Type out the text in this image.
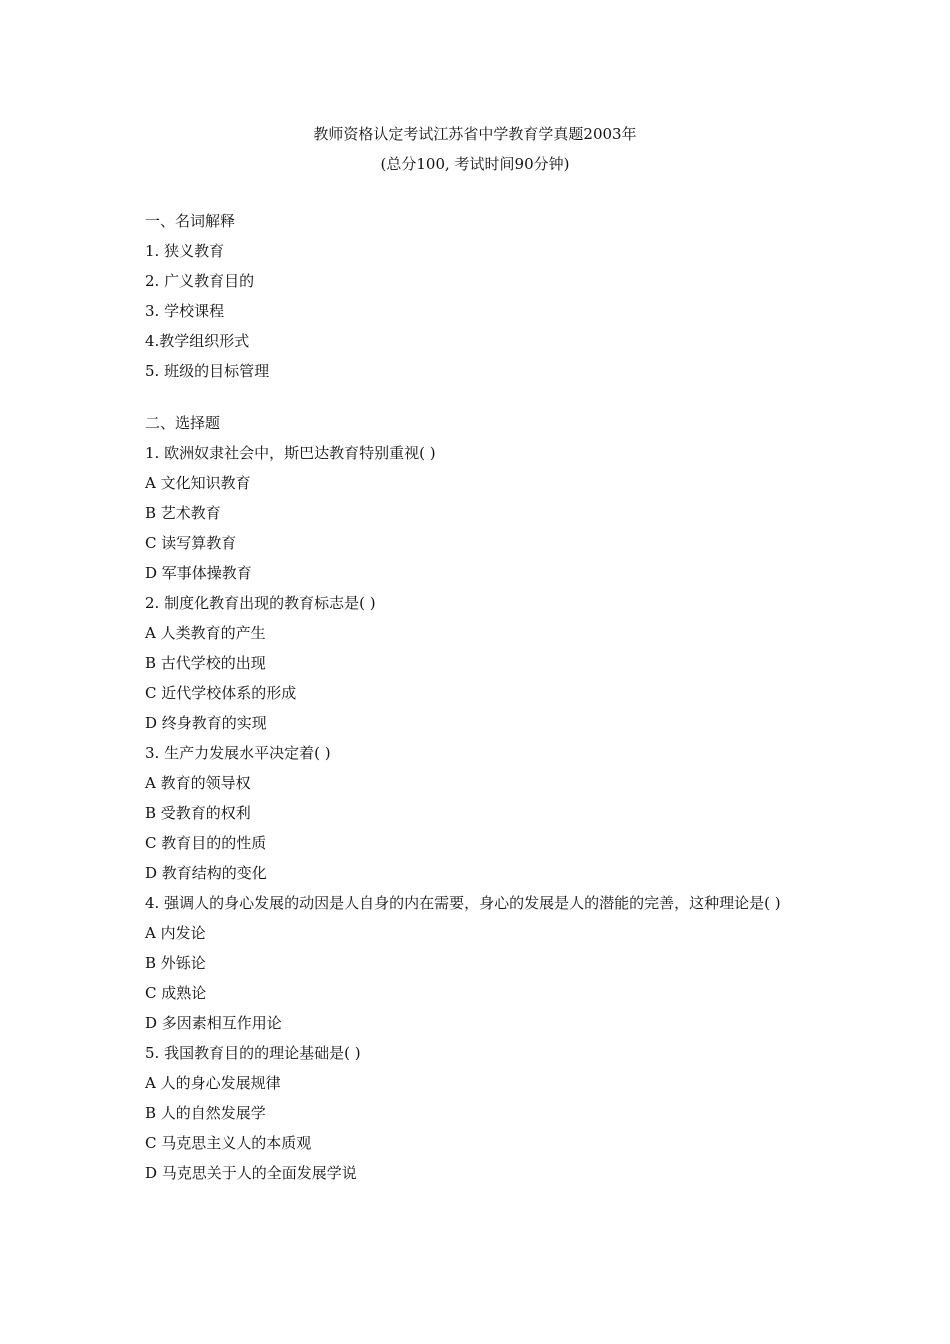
教师资格认定考试江苏省中学教育学真题2003年
(总分100, 考试时间90分钟)
一、名词解释
1. 狭义教育
2. 广义教育目的
3. 学校课程
4.教学组织形式
5. 班级的目标管理
二、选择题
1. 欧洲奴隶社会中，斯巴达教育特别重视( )
A 文化知识教育
B 艺术教育
C 读写算教育
D 军事体操教育
2. 制度化教育出现的教育标志是( )
A 人类教育的产生
B 古代学校的出现
C 近代学校体系的形成
D 终身教育的实现
3. 生产力发展水平决定着( )
A 教育的领导权
B 受教育的权利
C 教育目的的性质
D 教育结构的变化
4. 强调人的身心发展的动因是人自身的内在需要，身心的发展是人的潜能的完善，这种理论是( )
A 内发论
B 外铄论
C 成熟论
D 多因素相互作用论
5. 我国教育目的的理论基础是( )
A 人的身心发展规律
B 人的自然发展学
C 马克思主义人的本质观
D 马克思关于人的全面发展学说
